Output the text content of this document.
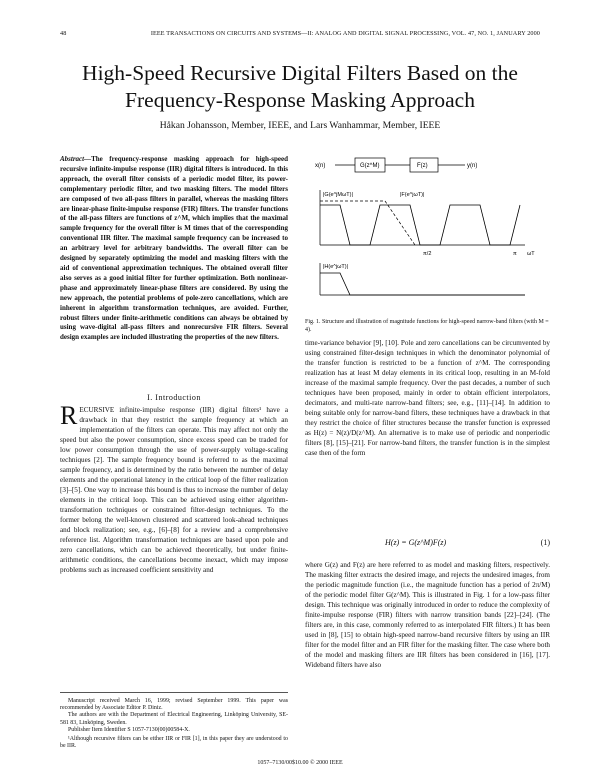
48	IEEE TRANSACTIONS ON CIRCUITS AND SYSTEMS—II: ANALOG AND DIGITAL SIGNAL PROCESSING, VOL. 47, NO. 1, JANUARY 2000
High-Speed Recursive Digital Filters Based on the
Frequency-Response Masking Approach
Håkan Johansson, Member, IEEE, and Lars Wanhammar, Member, IEEE
Abstract—The frequency-response masking approach for high-speed recursive infinite-impulse response (IIR) digital filters is introduced. In this approach, the overall filter consists of a periodic model filter, its power-complementary periodic filter, and two masking filters. The model filters are composed of two all-pass filters in parallel, whereas the masking filters are linear-phase finite-impulse response (FIR) filters. The transfer functions of the all-pass filters are functions of z^M, which implies that the maximal sample frequency for the overall filter is M times that of the corresponding conventional IIR filter. The maximal sample frequency can be increased to an arbitrary level for arbitrary bandwidths. The overall filter can be designed by separately optimizing the model and masking filters with the aid of conventional approximation techniques. The obtained overall filter also serves as a good initial filter for further optimization. Both nonlinear-phase and approximately linear-phase filters are considered. By using the new approach, the potential problems of pole-zero cancellations, which are inherent in algorithm transformation techniques, are avoided. Further, robust filters under finite-arithmetic conditions can always be obtained by using wave-digital all-pass filters and nonrecursive FIR filters. Several design examples are included illustrating the properties of the new filters.
I. Introduction
RECURSIVE infinite-impulse response (IIR) digital filters¹ have a drawback in that they restrict the sample frequency at which an implementation of the filters can operate. This may affect not only the speed but also the power consumption, since excess speed can be traded for low power consumption through the use of power-supply voltage-scaling techniques [2]. The sample frequency bound is referred to as the maximal sample frequency, and is determined by the ratio between the number of delay elements and the operational latency in the critical loop of the filter realization [3]–[5]. One way to increase this bound is thus to increase the number of delay elements in the critical loop. This can be achieved using either algorithm-transformation techniques or constrained filter-design techniques. To the former belong the well-known clustered and scattered look-ahead techniques and block realization; see, e.g., [6]–[8] for a review and a comprehensive reference list. Algorithm transformation techniques are based upon pole and zero cancellations, which can be achieved theoretically, but under finite-arithmetic conditions, the cancellations become inexact, which may impose problems such as increased coefficient sensitivity and
Manuscript received March 16, 1999; revised September 1999. This paper was recommended by Associate Editor P. Diniz.
The authors are with the Department of Electrical Engineering, Linköping University, SE-581 83, Linköping, Sweden.
Publisher Item Identifier S 1057-7130(00)00584-X.
¹Although recursive filters can be either IIR or FIR [1], in this paper they are understood to be IIR.
x(n)	G(z^M)	F(z)	y(n)
|G(e^jMωT)|	|F(e^jωT)|
π/2	π ωT
|H(e^jωT)|
Fig. 1. Structure and illustration of magnitude functions for high-speed narrow-band filters (with M = 4).
time-variance behavior [9], [10]. Pole and zero cancellations can be circumvented by using constrained filter-design techniques in which the denominator polynomial of the transfer function is restricted to be a function of z^M. The corresponding realization has at least M delay elements in its critical loop, resulting in an M-fold increase of the maximal sample frequency. Over the past decades, a number of such techniques have been proposed, mainly in order to obtain efficient interpolators, decimators, and multi-rate narrow-band filters; see, e.g., [11]–[14]. In addition to being suitable only for narrow-band filters, these techniques have a drawback in that they restrict the choice of filter structures because the transfer function is expressed as H(z) = N(z)/D(z^M). An alternative is to make use of periodic and nonperiodic filters [8], [15]–[21]. For narrow-band filters, the transfer function is in the simplest case then of the form
H(z) = G(z^M)F(z)	(1)
where G(z) and F(z) are here referred to as model and masking filters, respectively. The masking filter extracts the desired image, and rejects the undesired images, from the periodic magnitude function (i.e., the magnitude function has a period of 2π/M) of the periodic model filter G(z^M). This is illustrated in Fig. 1 for a low-pass filter design. This technique was originally introduced in order to reduce the complexity of finite-impulse response (FIR) filters with narrow transition bands [22]–[24]. (The filters are, in this case, commonly referred to as interpolated FIR filters.) It has been used in [8], [15] to obtain high-speed narrow-band recursive filters by using an IIR filter for the model filter and an FIR filter for the masking filter. The case where both of the model and masking filters are IIR filters has been considered in [16], [17]. Wideband filters have also
1057–7130/00$10.00 © 2000 IEEE
